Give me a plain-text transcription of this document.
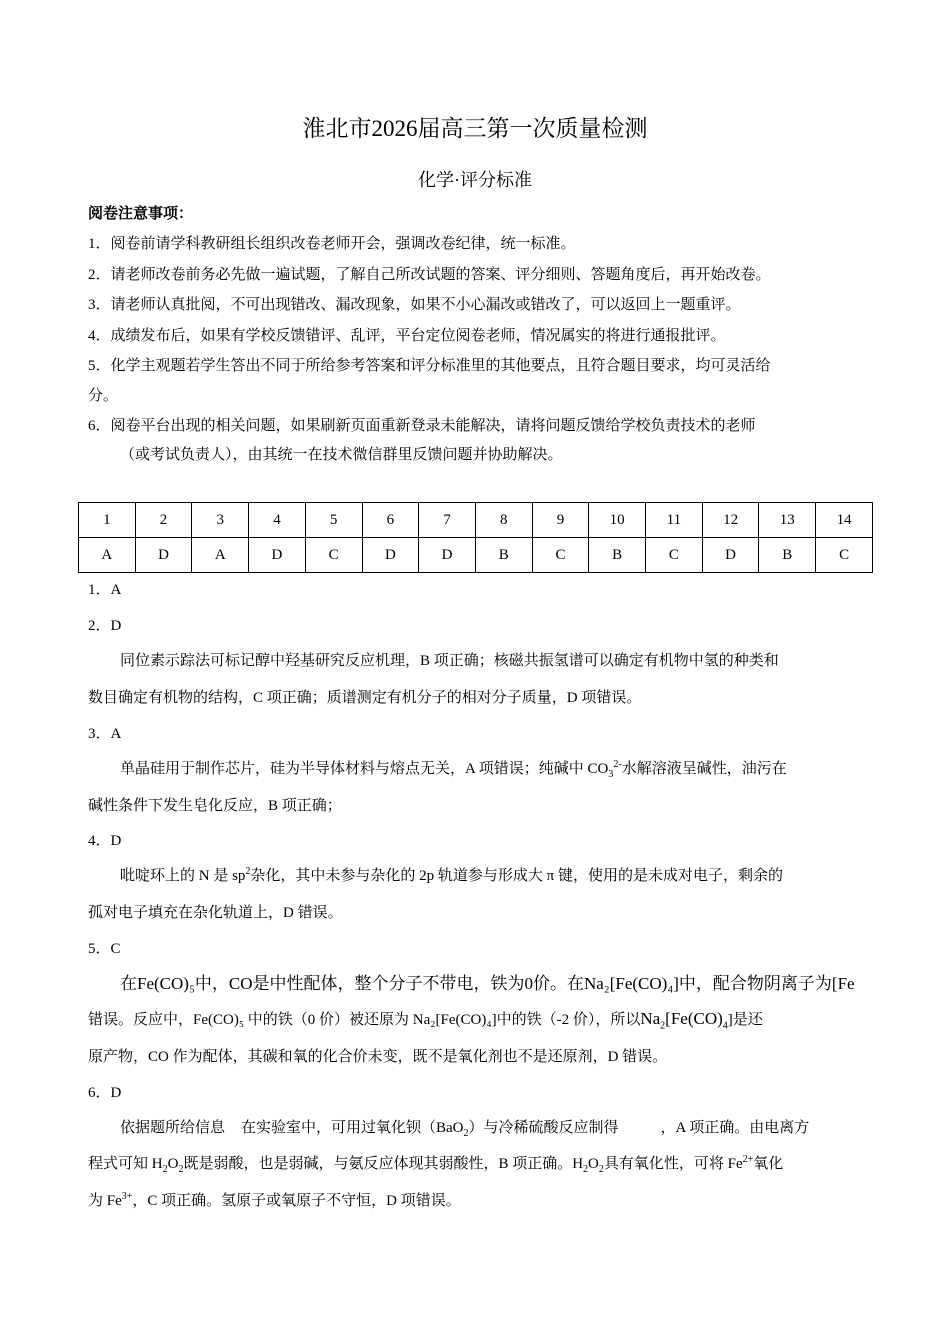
淮北市2026届高三第一次质量检测
化学·评分标准
阅卷注意事项：
1．阅卷前请学科教研组长组织改卷老师开会，强调改卷纪律，统一标准。
2．请老师改卷前务必先做一遍试题，了解自己所改试题的答案、评分细则、答题角度后，再开始改卷。
3．请老师认真批阅，不可出现错改、漏改现象，如果不小心漏改或错改了，可以返回上一题重评。
4．成绩发布后，如果有学校反馈错评、乱评，平台定位阅卷老师，情况属实的将进行通报批评。
5．化学主观题若学生答出不同于所给参考答案和评分标准里的其他要点，且符合题目要求，均可灵活给
分。
6．阅卷平台出现的相关问题，如果刷新页面重新登录未能解决，请将问题反馈给学校负责技术的老师
（或考试负责人），由其统一在技术微信群里反馈问题并协助解决。
1	2	3	4	5	6	7	8	9	10	11	12	13	14
A	D	A	D	C	D	D	B	C	B	C	D	B	C
1．A
2．D
同位素示踪法可标记醇中羟基研究反应机理，B 项正确；核磁共振氢谱可以确定有机物中氢的种类和
数目确定有机物的结构，C 项正确；质谱测定有机分子的相对分子质量，D 项错误。
3．A
单晶硅用于制作芯片，硅为半导体材料与熔点无关，A 项错误；纯碱中 $CO_3^{2-}$水解溶液呈碱性，油污在
碱性条件下发生皂化反应，B 项正确；
4．D
吡啶环上的 N 是 $sp^2$杂化，其中未参与杂化的 2p 轨道参与形成大 π 键，使用的是未成对电子，剩余的
孤对电子填充在杂化轨道上，D 错误。
5．C
在Fe(CO)₅中，CO是中性配体，整个分子不带电，铁为0价。在Na₂[Fe(CO)₄]中，配合物阴离子为[Fe
错误。反应中，Fe(CO)₅ 中的铁（0 价）被还原为 Na₂[Fe(CO)₄]中的铁（-2 价），所以$Na_2[Fe(CO)_4]$是还
原产物，CO 作为配体，其碳和氧的化合价未变，既不是氧化剂也不是还原剂，D 错误。
6．D
依据题所给信息 在实验室中，可用过氧化钡（BaO$_2$）与冷稀硫酸反应制得	，A 项正确。由电离方
程式可知 $H_2O_2$既是弱酸，也是弱碱，与氨反应体现其弱酸性，B 项正确。$H_2O_2$具有氧化性，可将 $Fe^{2+}$氧化
为 $Fe^{3+}$，C 项正确。氢原子或氧原子不守恒，D 项错误。
